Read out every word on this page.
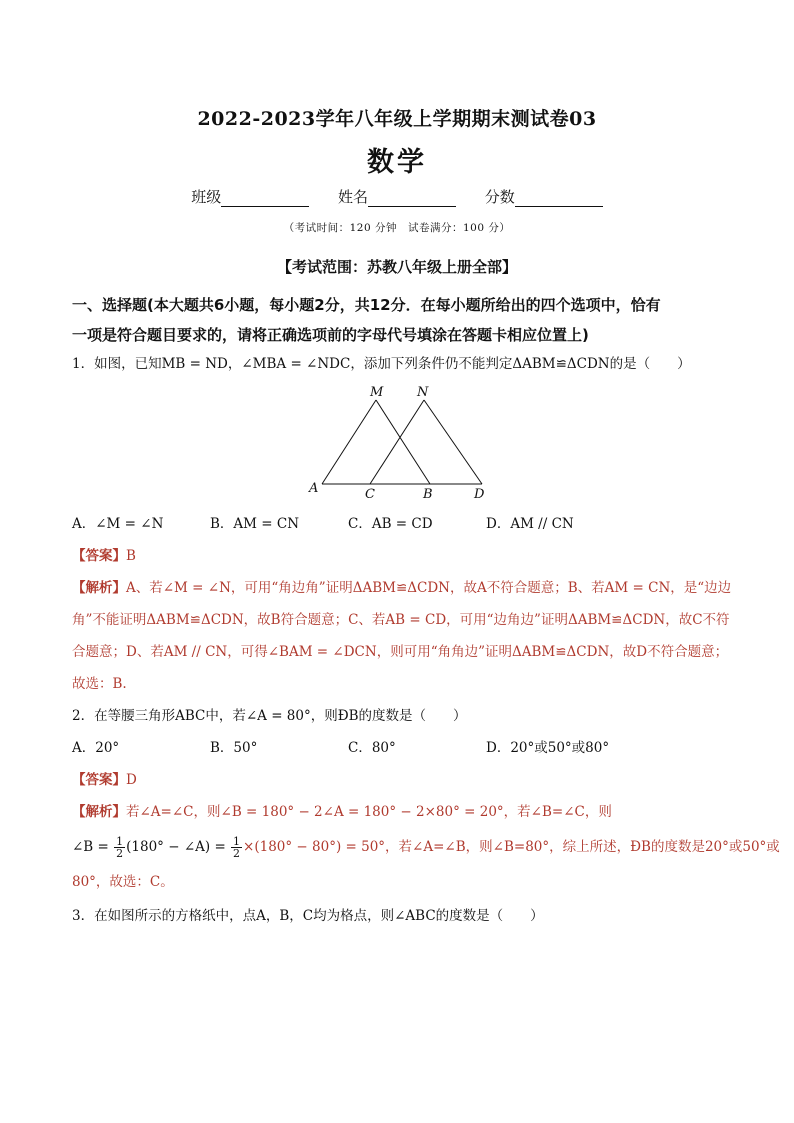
2022-2023学年八年级上学期期末测试卷03
数学
班级	姓名	分数
（考试时间：120 分钟　试卷满分：100 分）
【考试范围：苏教八年级上册全部】
一、选择题(本大题共6小题，每小题2分，共12分．在每小题所给出的四个选项中，恰有
一项是符合题目要求的，请将正确选项前的字母代号填涂在答题卡相应位置上)
1．如图，已知MB = ND，∠MBA = ∠NDC，添加下列条件仍不能判定ΔABM≌ΔCDN的是（　　）
M	N
A	C	B	D
A．∠M = ∠N	B．AM = CN	C．AB = CD	D．AM // CN
【答案】B
【解析】A、若∠M = ∠N，可用“角边角”证明ΔABM≌ΔCDN，故A不符合题意；B、若AM = CN，是“边边
角”不能证明ΔABM≌ΔCDN，故B符合题意；C、若AB = CD，可用“边角边”证明ΔABM≌ΔCDN，故C不符
合题意；D、若AM // CN，可得∠BAM = ∠DCN，则可用“角角边”证明ΔABM≌ΔCDN，故D不符合题意；
故选：B.
2．在等腰三角形ABC中，若∠A = 80°，则ÐB的度数是（　　）
A．20°	B．50°	C．80°	D．20°或50°或80°
【答案】D
【解析】若∠A=∠C，则∠B = 180° − 2∠A = 180° − 2×80° = 20°，若∠B=∠C，则
∠B = $\frac{1}{2} (180^\circ$ − ∠A) = $\frac{1}{2} \times(180^\circ - 80^\circ) = 50^\circ$，若∠A=∠B，则∠B=80°，综上所述，ÐB的度数是20°或50°或
80°，故选：C。
3．在如图所示的方格纸中，点A，B，C均为格点，则∠ABC的度数是（　　）
